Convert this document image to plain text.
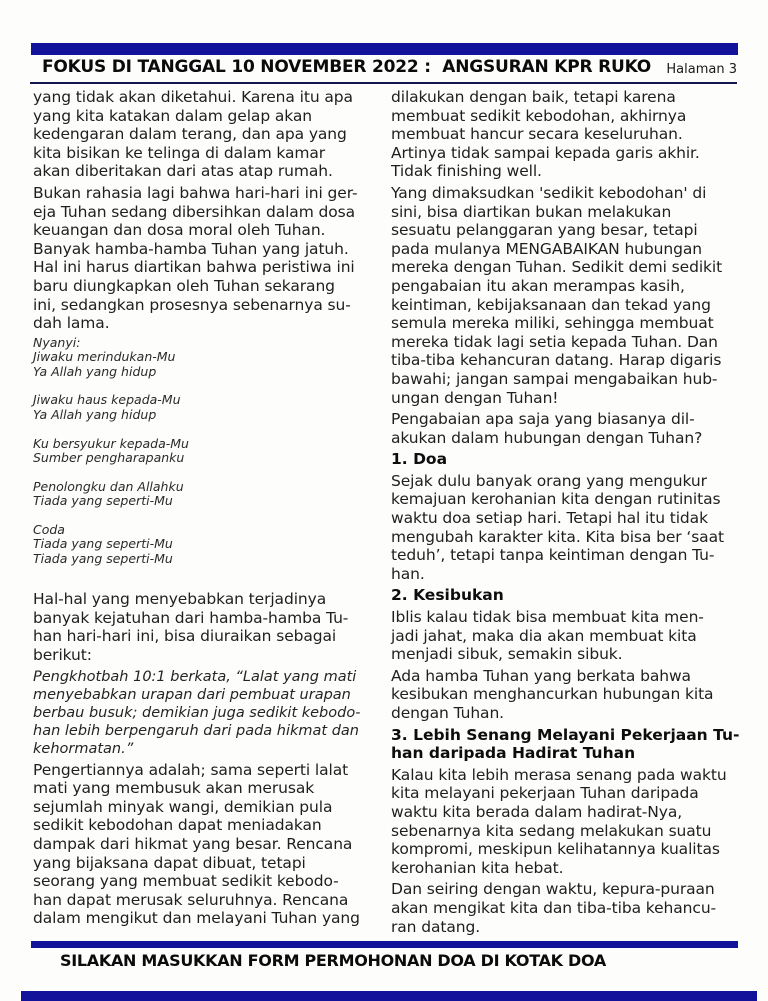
FOKUS DI TANGGAL 10 NOVEMBER 2022 :  ANGSURAN KPR RUKO Halaman 3
yang tidak akan diketahui. Karena itu apa
yang kita katakan dalam gelap akan
kedengaran dalam terang, dan apa yang
kita bisikan ke telinga di dalam kamar
akan diberitakan dari atas atap rumah.
Bukan rahasia lagi bahwa hari-hari ini ger-
eja Tuhan sedang dibersihkan dalam dosa
keuangan dan dosa moral oleh Tuhan.
Banyak hamba-hamba Tuhan yang jatuh.
Hal ini harus diartikan bahwa peristiwa ini
baru diungkapkan oleh Tuhan sekarang
ini, sedangkan prosesnya sebenarnya su-
dah lama.
Nyanyi:
Jiwaku merindukan-Mu
Ya Allah yang hidup

Jiwaku haus kepada-Mu
Ya Allah yang hidup

Ku bersyukur kepada-Mu
Sumber pengharapanku

Penolongku dan Allahku
Tiada yang seperti-Mu

Coda
Tiada yang seperti-Mu
Tiada yang seperti-Mu
Hal-hal yang menyebabkan terjadinya
banyak kejatuhan dari hamba-hamba Tu-
han hari-hari ini, bisa diuraikan sebagai
berikut:
Pengkhotbah 10:1 berkata, “Lalat yang mati
menyebabkan urapan dari pembuat urapan
berbau busuk; demikian juga sedikit kebodo-
han lebih berpengaruh dari pada hikmat dan
kehormatan.”
Pengertiannya adalah; sama seperti lalat
mati yang membusuk akan merusak
sejumlah minyak wangi, demikian pula
sedikit kebodohan dapat meniadakan
dampak dari hikmat yang besar. Rencana
yang bijaksana dapat dibuat, tetapi
seorang yang membuat sedikit kebodo-
han dapat merusak seluruhnya. Rencana
dalam mengikut dan melayani Tuhan yang
dilakukan dengan baik, tetapi karena
membuat sedikit kebodohan, akhirnya
membuat hancur secara keseluruhan.
Artinya tidak sampai kepada garis akhir.
Tidak finishing well.
Yang dimaksudkan 'sedikit kebodohan' di
sini, bisa diartikan bukan melakukan
sesuatu pelanggaran yang besar, tetapi
pada mulanya MENGABAIKAN hubungan
mereka dengan Tuhan. Sedikit demi sedikit
pengabaian itu akan merampas kasih,
keintiman, kebijaksanaan dan tekad yang
semula mereka miliki, sehingga membuat
mereka tidak lagi setia kepada Tuhan. Dan
tiba-tiba kehancuran datang. Harap digaris
bawahi; jangan sampai mengabaikan hub-
ungan dengan Tuhan!
Pengabaian apa saja yang biasanya dil-
akukan dalam hubungan dengan Tuhan?
1. Doa
Sejak dulu banyak orang yang mengukur
kemajuan kerohanian kita dengan rutinitas
waktu doa setiap hari. Tetapi hal itu tidak
mengubah karakter kita. Kita bisa ber ‘saat
teduh’, tetapi tanpa keintiman dengan Tu-
han.
2. Kesibukan
Iblis kalau tidak bisa membuat kita men-
jadi jahat, maka dia akan membuat kita
menjadi sibuk, semakin sibuk.
Ada hamba Tuhan yang berkata bahwa
kesibukan menghancurkan hubungan kita
dengan Tuhan.
3. Lebih Senang Melayani Pekerjaan Tu-
han daripada Hadirat Tuhan
Kalau kita lebih merasa senang pada waktu
kita melayani pekerjaan Tuhan daripada
waktu kita berada dalam hadirat-Nya,
sebenarnya kita sedang melakukan suatu
kompromi, meskipun kelihatannya kualitas
kerohanian kita hebat.
Dan seiring dengan waktu, kepura-puraan
akan mengikat kita dan tiba-tiba kehancu-
ran datang.
SILAKAN MASUKKAN FORM PERMOHONAN DOA DI KOTAK DOA
